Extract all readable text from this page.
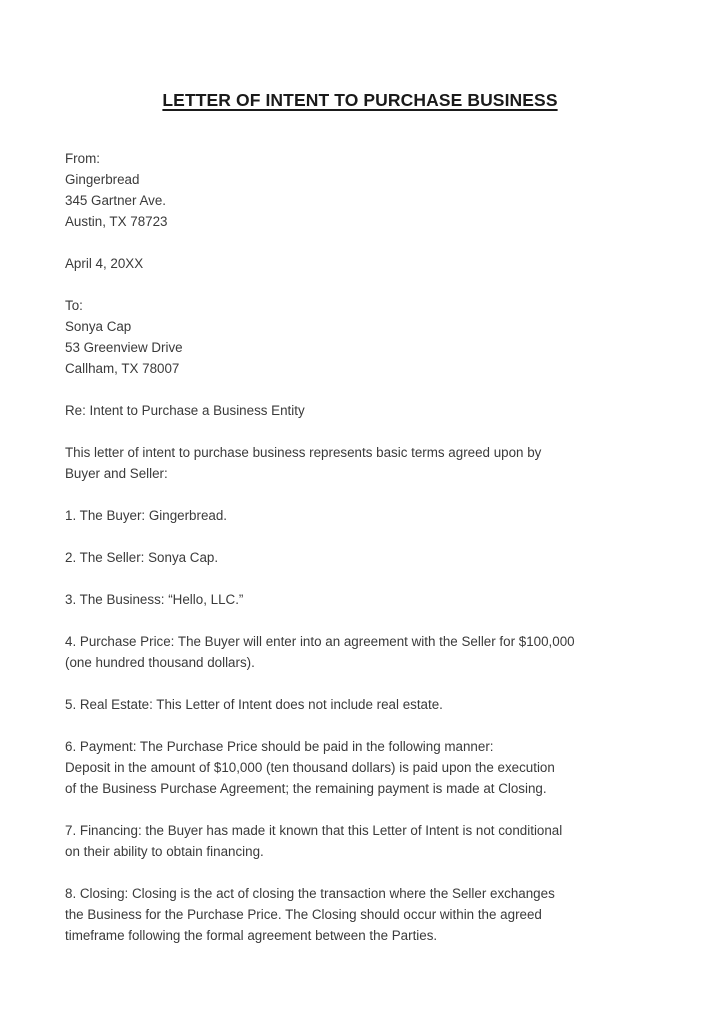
LETTER OF INTENT TO PURCHASE BUSINESS
From:
Gingerbread
345 Gartner Ave.
Austin, TX 78723
April 4, 20XX
To:
Sonya Cap
53 Greenview Drive
Callham, TX 78007
Re: Intent to Purchase a Business Entity
This letter of intent to purchase business represents basic terms agreed upon by
Buyer and Seller:
1. The Buyer: Gingerbread.
2. The Seller: Sonya Cap.
3. The Business: “Hello, LLC.”
4. Purchase Price: The Buyer will enter into an agreement with the Seller for $100,000
(one hundred thousand dollars).
5. Real Estate: This Letter of Intent does not include real estate.
6. Payment: The Purchase Price should be paid in the following manner:
Deposit in the amount of $10,000 (ten thousand dollars) is paid upon the execution
of the Business Purchase Agreement; the remaining payment is made at Closing.
7. Financing: the Buyer has made it known that this Letter of Intent is not conditional
on their ability to obtain financing.
8. Closing: Closing is the act of closing the transaction where the Seller exchanges
the Business for the Purchase Price. The Closing should occur within the agreed
timeframe following the formal agreement between the Parties.
